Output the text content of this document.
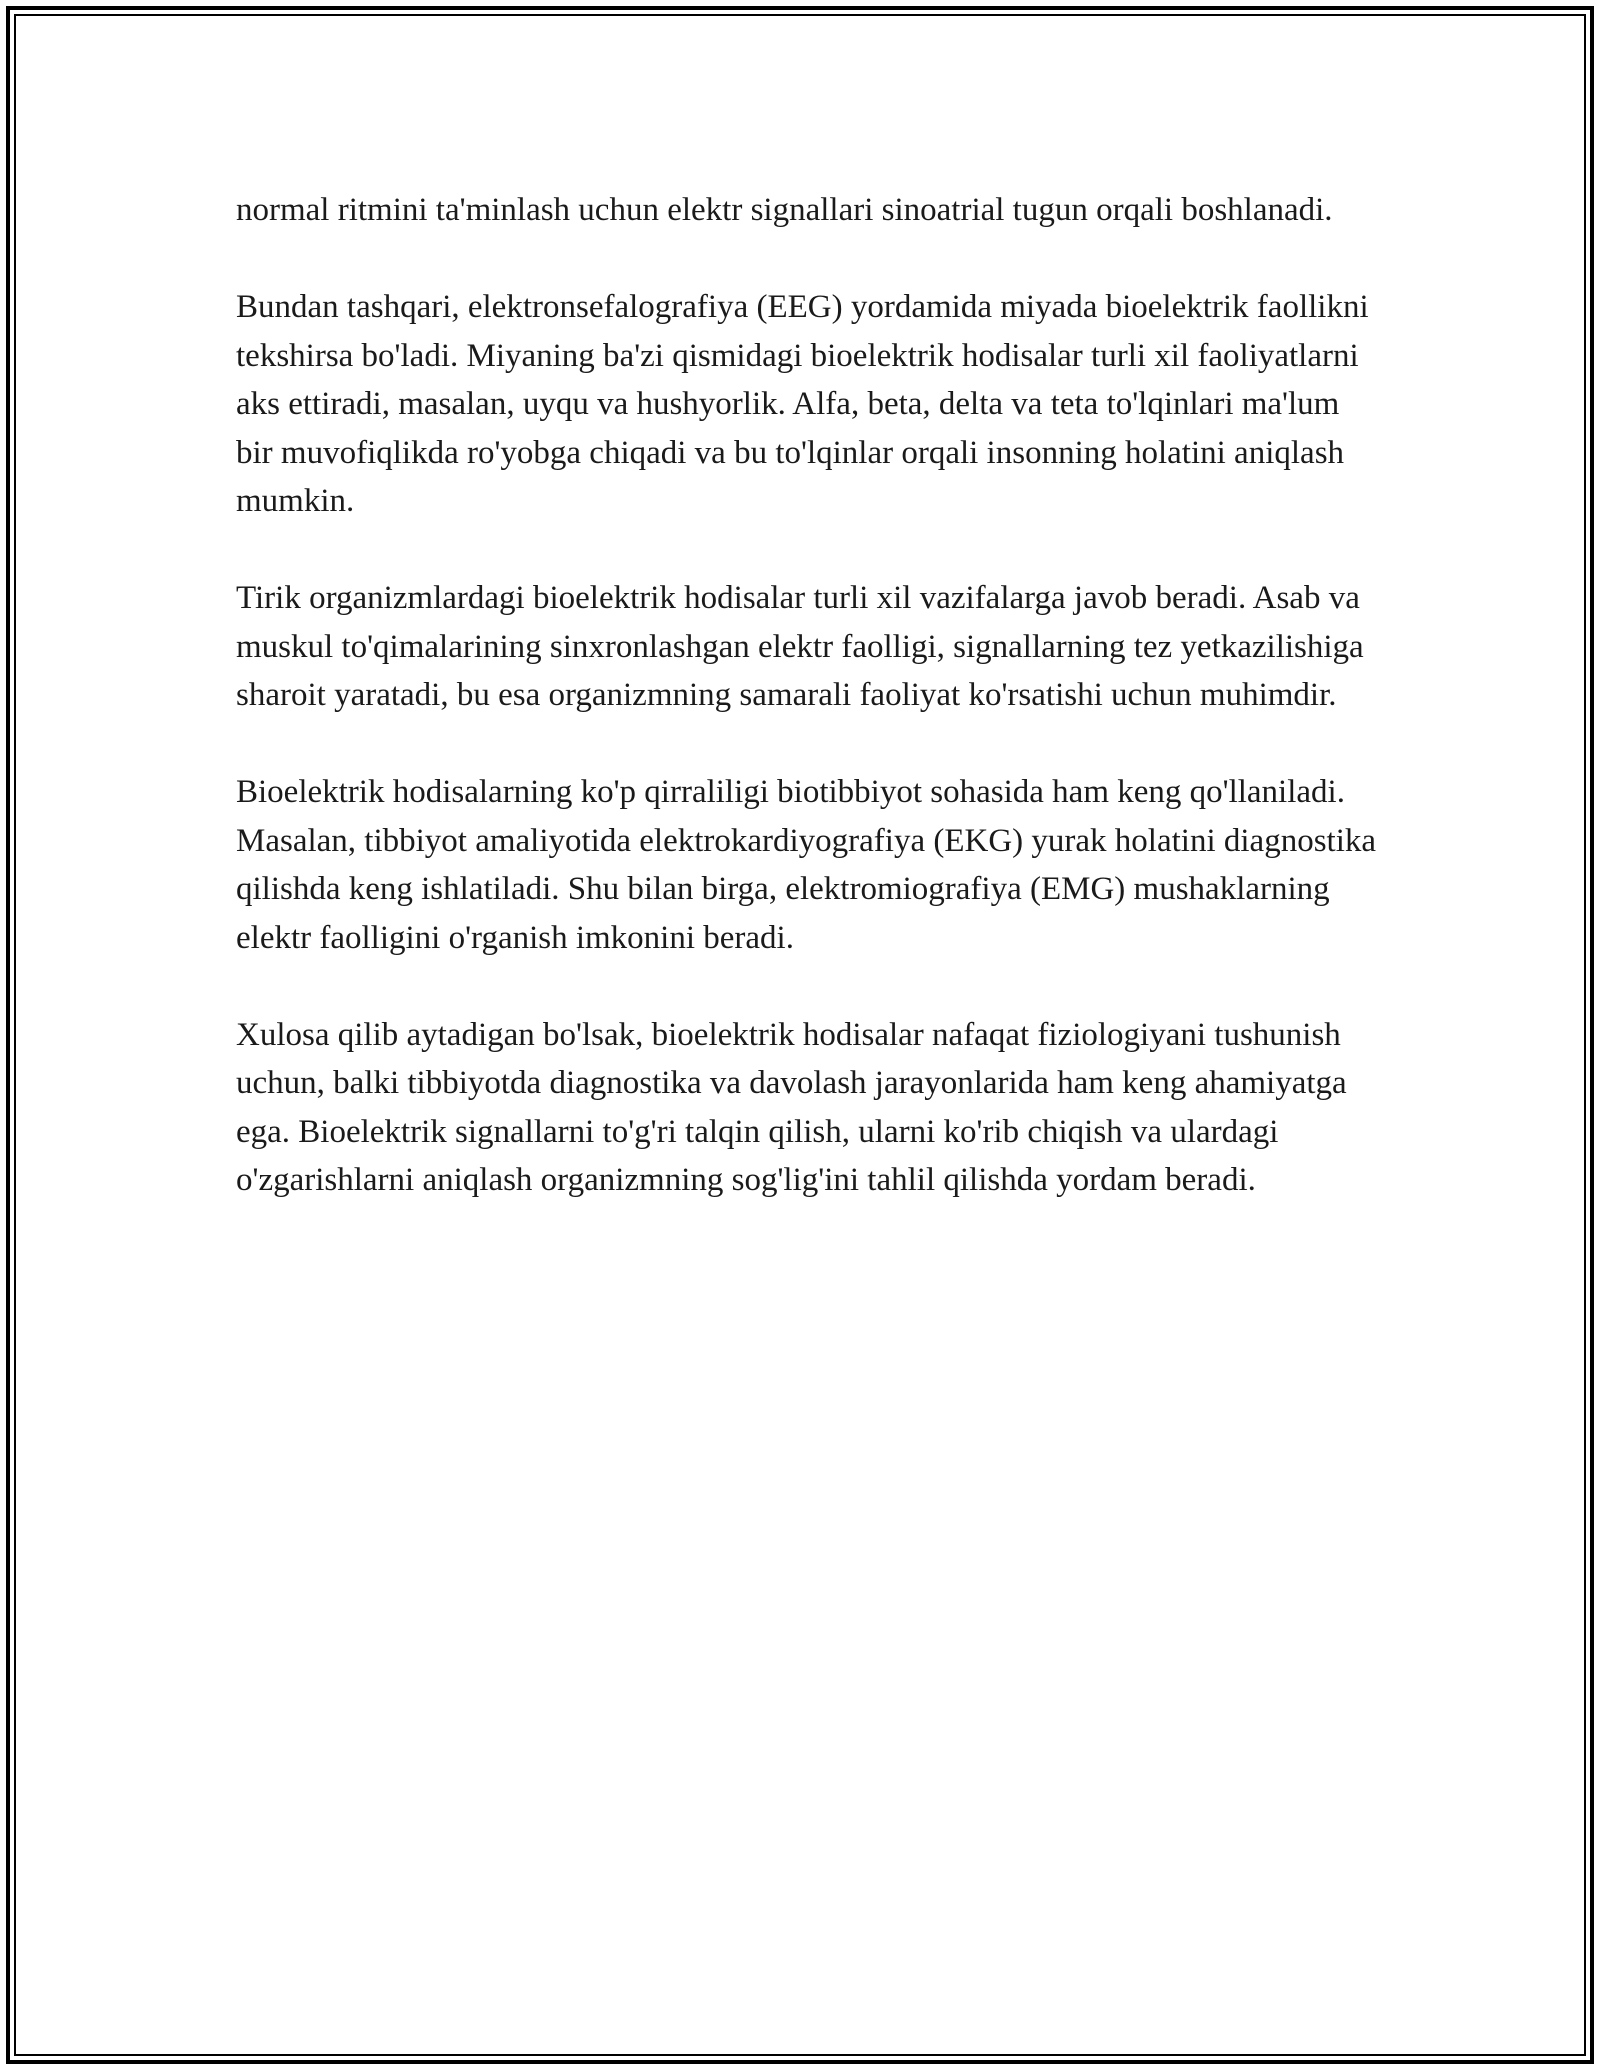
normal ritmini ta'minlash uchun elektr signallari sinoatrial tugun orqali boshlanadi.

Bundan tashqari, elektronsefalografiya (EEG) yordamida miyada bioelektrik faollikni tekshirsa bo'ladi. Miyaning ba'zi qismidagi bioelektrik hodisalar turli xil faoliyatlarni aks ettiradi, masalan, uyqu va hushyorlik. Alfa, beta, delta va teta to'lqinlari ma'lum bir muvofiqlikda ro'yobga chiqadi va bu to'lqinlar orqali insonning holatini aniqlash mumkin.

Tirik organizmlardagi bioelektrik hodisalar turli xil vazifalarga javob beradi. Asab va muskul to'qimalarining sinxronlashgan elektr faolligi, signallarning tez yetkazilishiga sharoit yaratadi, bu esa organizmning samarali faoliyat ko'rsatishi uchun muhimdir.

Bioelektrik hodisalarning ko'p qirraliligi biotibbiyot sohasida ham keng qo'llaniladi. Masalan, tibbiyot amaliyotida elektrokardiyografiya (EKG) yurak holatini diagnostika qilishda keng ishlatiladi. Shu bilan birga, elektromiografiya (EMG) mushaklarning elektr faolligini o'rganish imkonini beradi.

Xulosa qilib aytadigan bo'lsak, bioelektrik hodisalar nafaqat fiziologiyani tushunish uchun, balki tibbiyotda diagnostika va davolash jarayonlarida ham keng ahamiyatga ega. Bioelektrik signallarni to'g'ri talqin qilish, ularni ko'rib chiqish va ulardagi o'zgarishlarni aniqlash organizmning sog'lig'ini tahlil qilishda yordam beradi.
